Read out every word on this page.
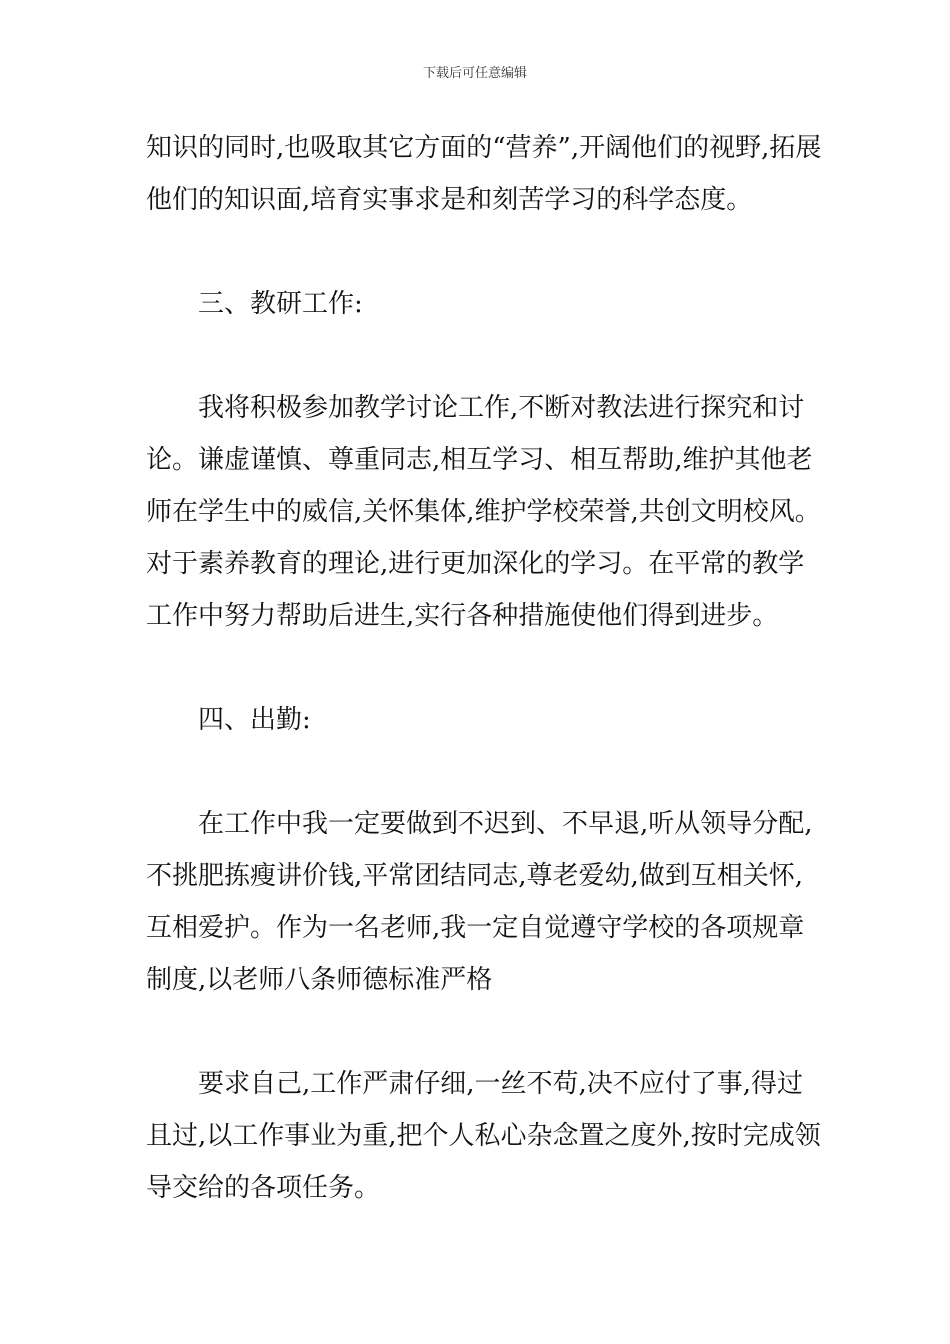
下载后可任意编辑

知识的同时,也吸取其它方面的“营养”,开阔他们的视野,拓展他们的知识面,培育实事求是和刻苦学习的科学态度。

三、教研工作:

我将积极参加教学讨论工作,不断对教法进行探究和讨论。谦虚谨慎、尊重同志,相互学习、相互帮助,维护其他老师在学生中的威信,关怀集体,维护学校荣誉,共创文明校风。对于素养教育的理论,进行更加深化的学习。在平常的教学工作中努力帮助后进生,实行各种措施使他们得到进步。

四、出勤:

在工作中我一定要做到不迟到、不早退,听从领导分配,不挑肥拣瘦讲价钱,平常团结同志,尊老爱幼,做到互相关怀,互相爱护。作为一名老师,我一定自觉遵守学校的各项规章制度,以老师八条师德标准严格

要求自己,工作严肃仔细,一丝不苟,决不应付了事,得过且过,以工作事业为重,把个人私心杂念置之度外,按时完成领导交给的各项任务。
